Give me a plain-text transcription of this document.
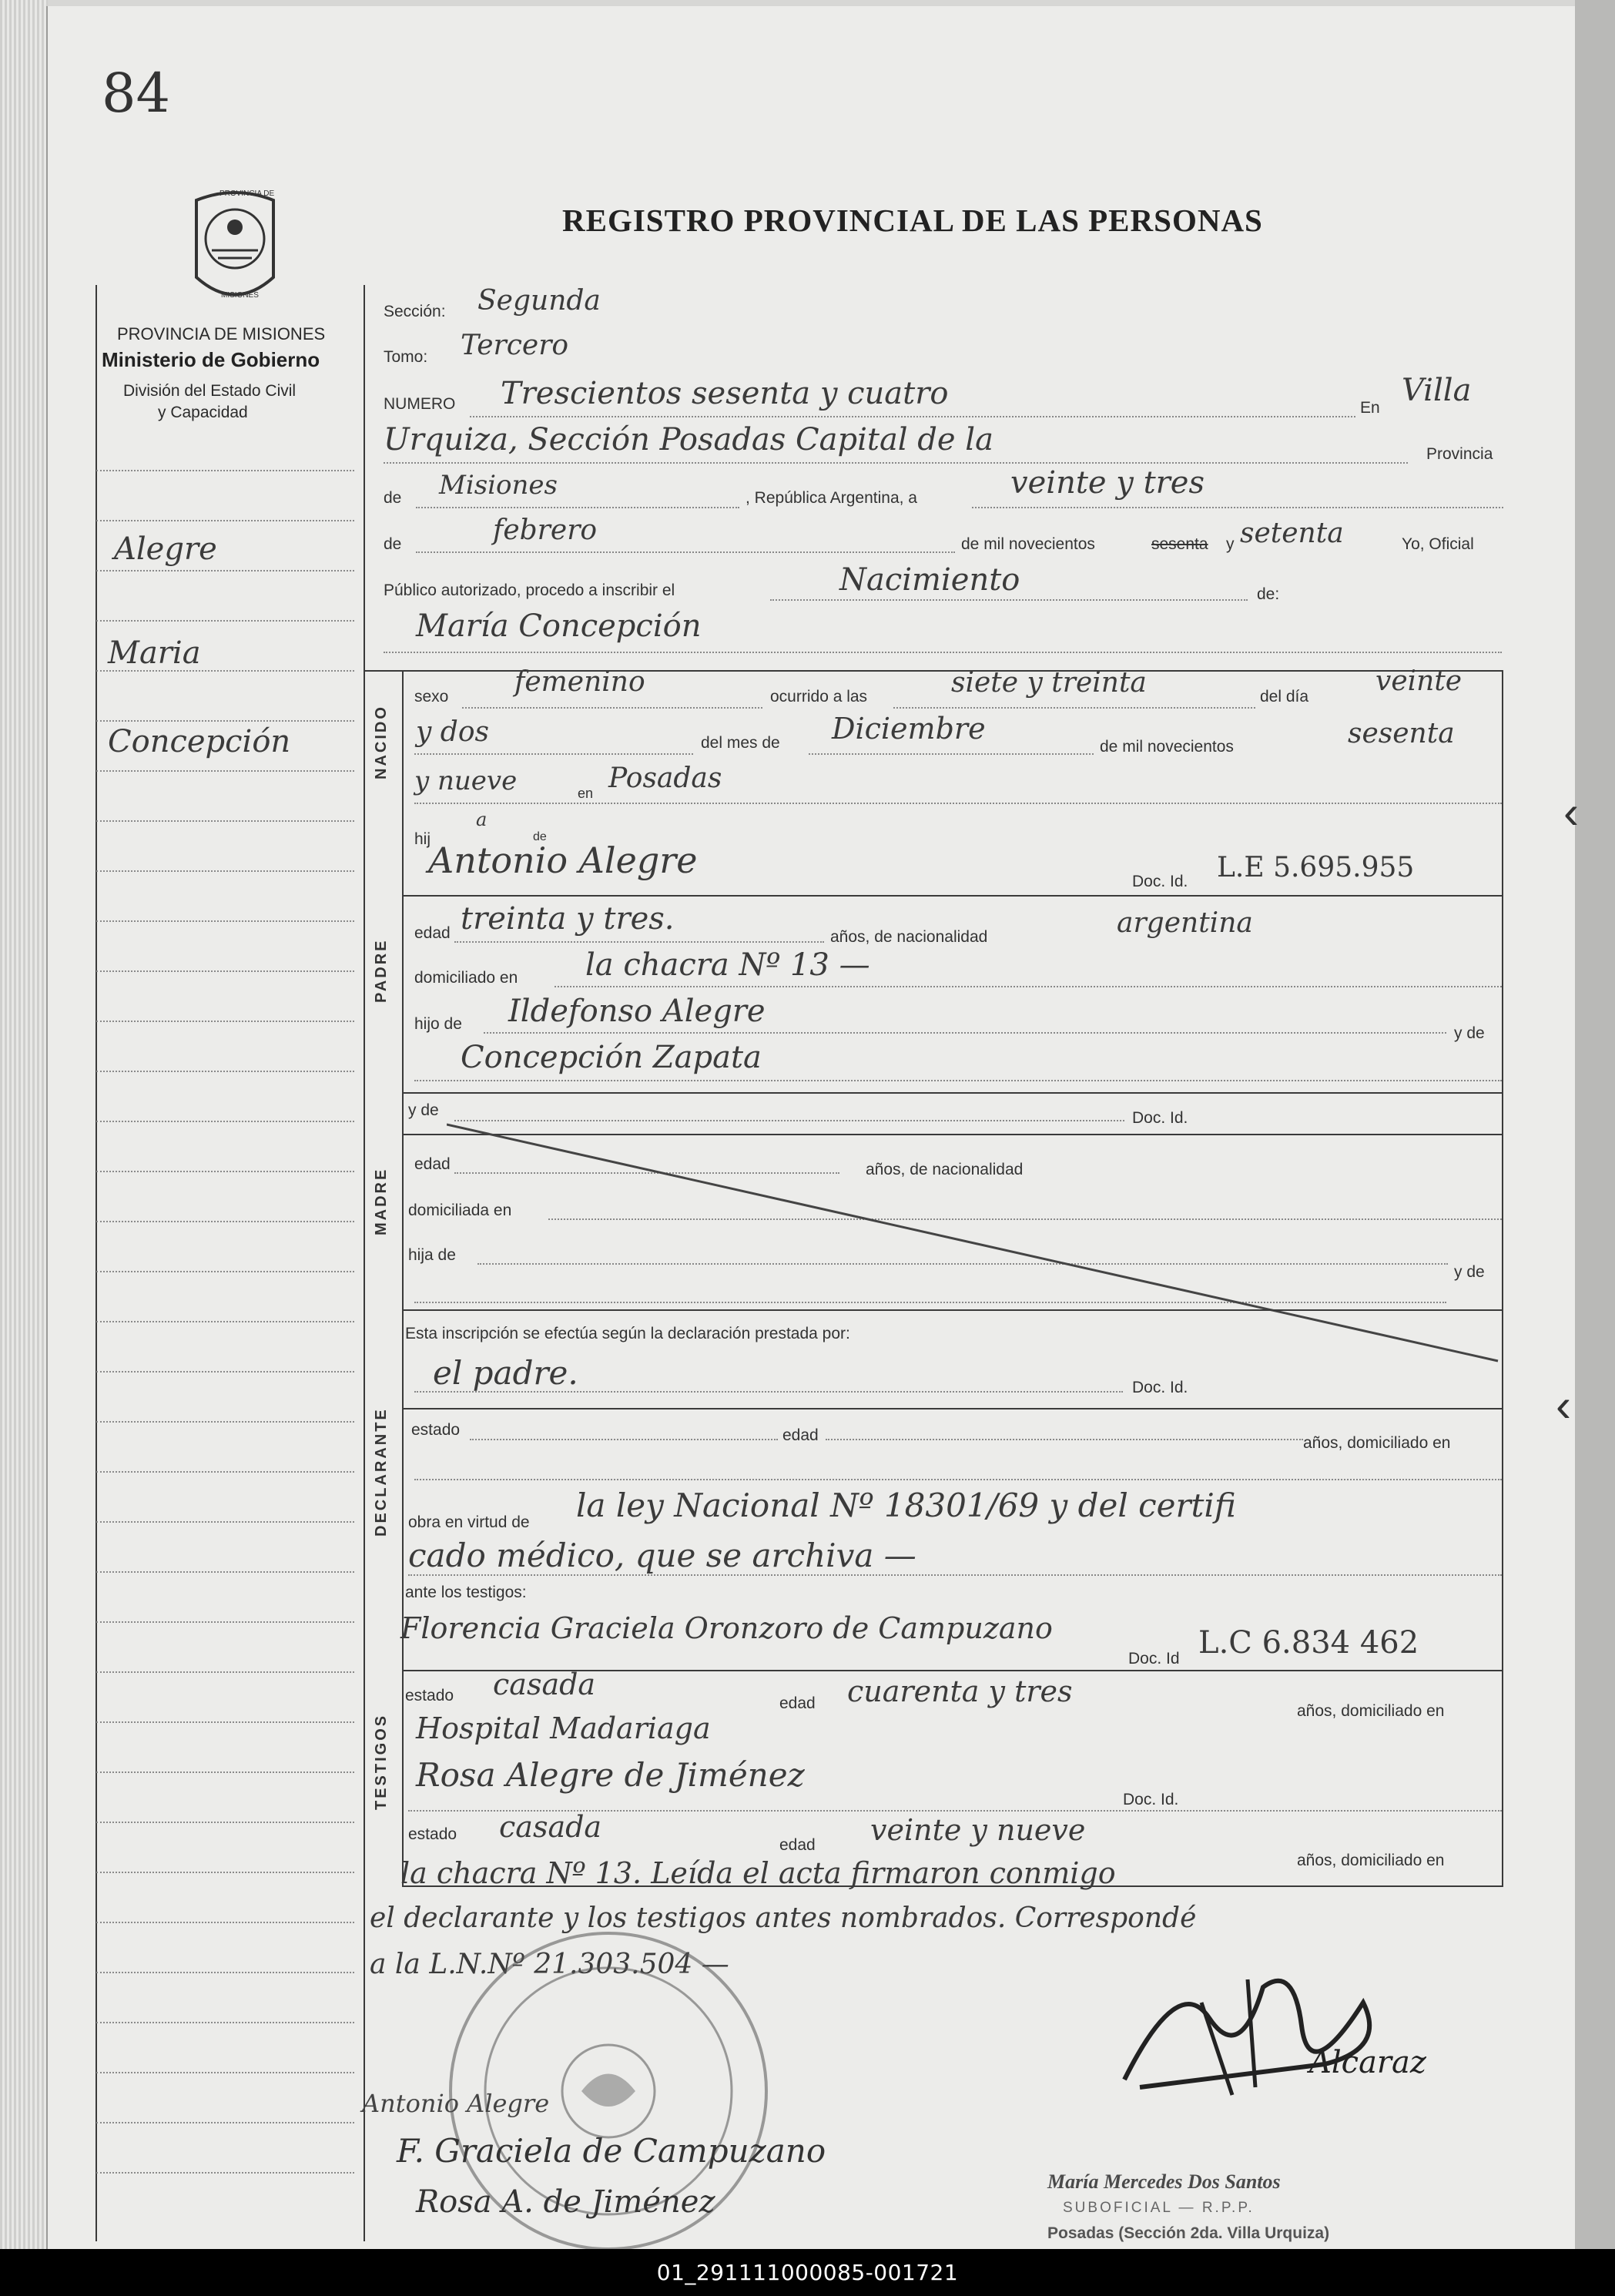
84
PROVINCIA DE
MISIONES
REGISTRO PROVINCIAL DE LAS PERSONAS
PROVINCIA DE MISIONES
Ministerio de Gobierno
División del Estado Civil
y Capacidad
Alegre
Maria
Concepción
Sección: Segunda
Tomo: Tercero
NUMERO Trescientos sesenta y cuatro	En Villa
Urquiza, Sección Posadas Capital de la	Provincia
de Misiones	, República Argentina, a	veinte y tres
de	febrero	de mil novecientos	sesenta y setenta	Yo, Oficial
Público autorizado, procedo a inscribir el	Nacimiento	de:
María Concepción
NACIDO
sexo femenino	ocurrido a las	siete y treinta	del día veinte
y dos	del mes de Diciembre
de mil novecientos	sesenta
y nueve	en Posadas
hij
a
de
Antonio Alegre
Doc. Id. L.E 5.695.955
PADRE
edad treinta y tres.
años, de nacionalidad	argentina
domiciliado en la chacra Nº 13 —
hijo de Ildefonso Alegre
y de
Concepción Zapata
y de	Doc. Id.
MADRE
edad	años, de nacionalidad
domiciliada en
hija de
y de
Esta inscripción se efectúa según la declaración prestada por:
el padre.	Doc. Id.
DECLARANTE estado	edad	años, domiciliado en
obra en virtud de la ley Nacional Nº 18301/69 y del certifi
cado médico, que se archiva —
ante los testigos:
Florencia Graciela Oronzoro de Campuzano
Doc. Id L.C 6.834 462
TESTIGOS
estado casada
edad cuarenta y tres
años, domiciliado en
Hospital Madariaga
Rosa Alegre de Jiménez
Doc. Id.
estado casada
edad veinte y nueve
años, domiciliado en
la chacra Nº 13. Leída el acta firmaron conmigo
el declarante y los testigos antes nombrados. Correspondé
a la L.N.Nº 21.303.504 —
Alcaraz
María Mercedes Dos Santos
SUBOFICIAL — R.P.P.
Posadas (Sección 2da. Villa Urquiza)
Antonio Alegre
F. Graciela de Campuzano
Rosa A. de Jiménez
‹
‹
01_291111000085-001721
